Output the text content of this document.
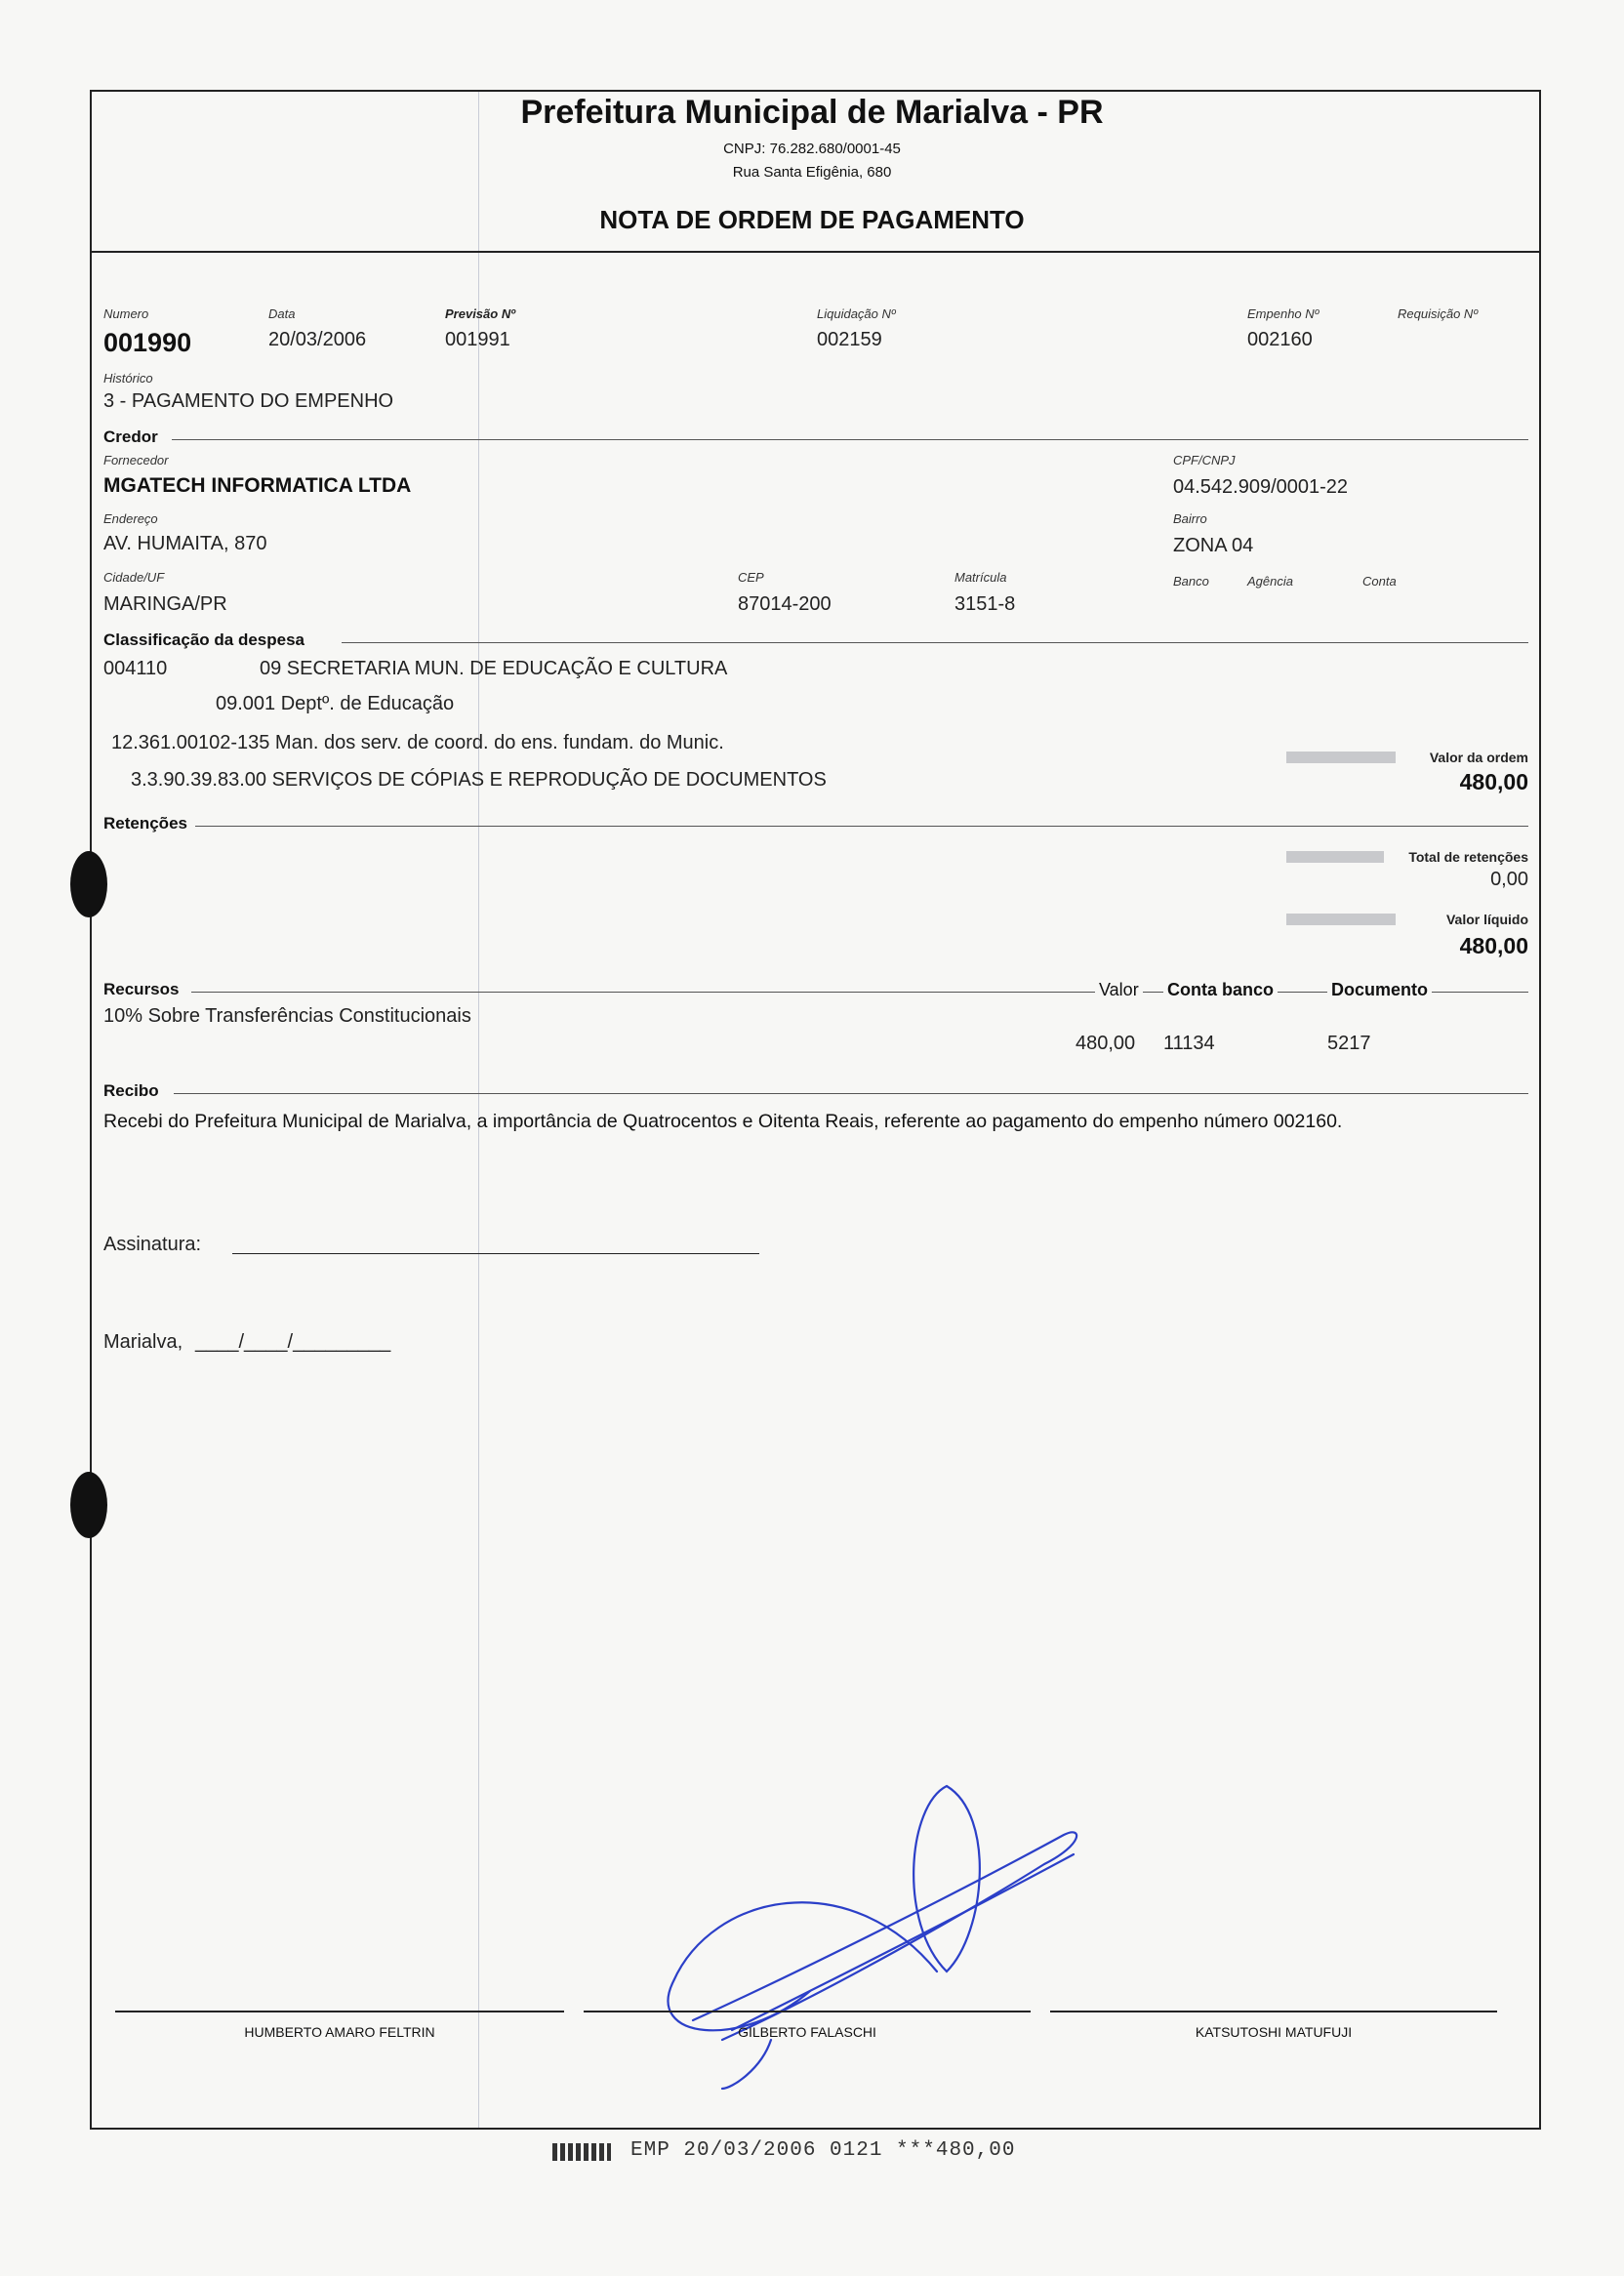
Prefeitura Municipal de Marialva - PR
CNPJ: 76.282.680/0001-45
Rua Santa Efigênia, 680
NOTA DE ORDEM DE PAGAMENTO
Numero
001990
Data
20/03/2006
Previsão Nº
001991
Liquidação Nº
002159
Empenho Nº
002160
Requisição Nº
Histórico
3 - PAGAMENTO DO EMPENHO
Credor
Fornecedor
MGATECH INFORMATICA LTDA
CPF/CNPJ
04.542.909/0001-22
Endereço
AV. HUMAITA, 870
Bairro
ZONA 04
Cidade/UF
MARINGA/PR
CEP
87014-200
Matrícula
3151-8
Banco	Agência	Conta
Classificação da despesa
004110	09 SECRETARIA MUN. DE EDUCAÇÃO E CULTURA
09.001 Deptº. de Educação
12.361.00102-135 Man. dos serv. de coord. do ens. fundam. do Munic.
3.3.90.39.83.00 SERVIÇOS DE CÓPIAS E REPRODUÇÃO DE DOCUMENTOS
Valor da ordem
480,00
Retenções
Total de retenções
0,00
Valor líquido
480,00
Recursos	Valor Conta banco	Documento
10% Sobre Transferências Constitucionais
480,00 11134	5217
Recibo
Recebi do Prefeitura Municipal de Marialva, a importância de Quatrocentos e Oitenta Reais, referente ao pagamento do empenho número 002160.
Assinatura:
Marialva, ____/____/_________
HUMBERTO AMARO FELTRIN	GILBERTO FALASCHI	KATSUTOSHI MATUFUJI
EMP 20/03/2006 0121 ***480,00
